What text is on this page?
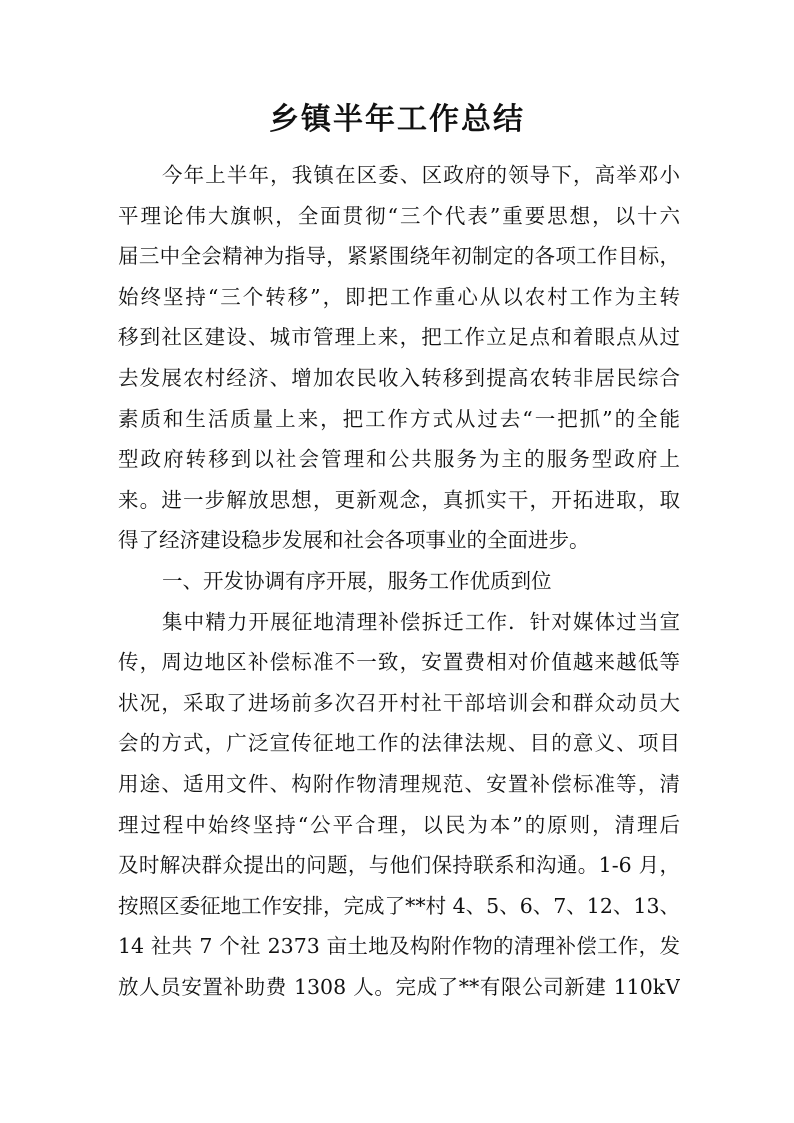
乡镇半年工作总结
今年上半年，我镇在区委、区政府的领导下，高举邓小
平理论伟大旗帜，全面贯彻“三个代表”重要思想，以十六
届三中全会精神为指导，紧紧围绕年初制定的各项工作目标，
始终坚持“三个转移”，即把工作重心从以农村工作为主转
移到社区建设、城市管理上来，把工作立足点和着眼点从过
去发展农村经济、增加农民收入转移到提高农转非居民综合
素质和生活质量上来，把工作方式从过去“一把抓”的全能
型政府转移到以社会管理和公共服务为主的服务型政府上
来。进一步解放思想，更新观念，真抓实干，开拓进取，取
得了经济建设稳步发展和社会各项事业的全面进步。
一、开发协调有序开展，服务工作优质到位
集中精力开展征地清理补偿拆迁工作．针对媒体过当宣
传，周边地区补偿标准不一致，安置费相对价值越来越低等
状况，采取了进场前多次召开村社干部培训会和群众动员大
会的方式，广泛宣传征地工作的法律法规、目的意义、项目
用途、适用文件、构附作物清理规范、安置补偿标准等，清
理过程中始终坚持“公平合理，以民为本”的原则，清理后
及时解决群众提出的问题，与他们保持联系和沟通。1-6 月，
按照区委征地工作安排，完成了**村 4、5、6、7、12、13、
14 社共 7 个社 2373 亩土地及构附作物的清理补偿工作，发
放人员安置补助费 1308 人。完成了**有限公司新建 110kV
